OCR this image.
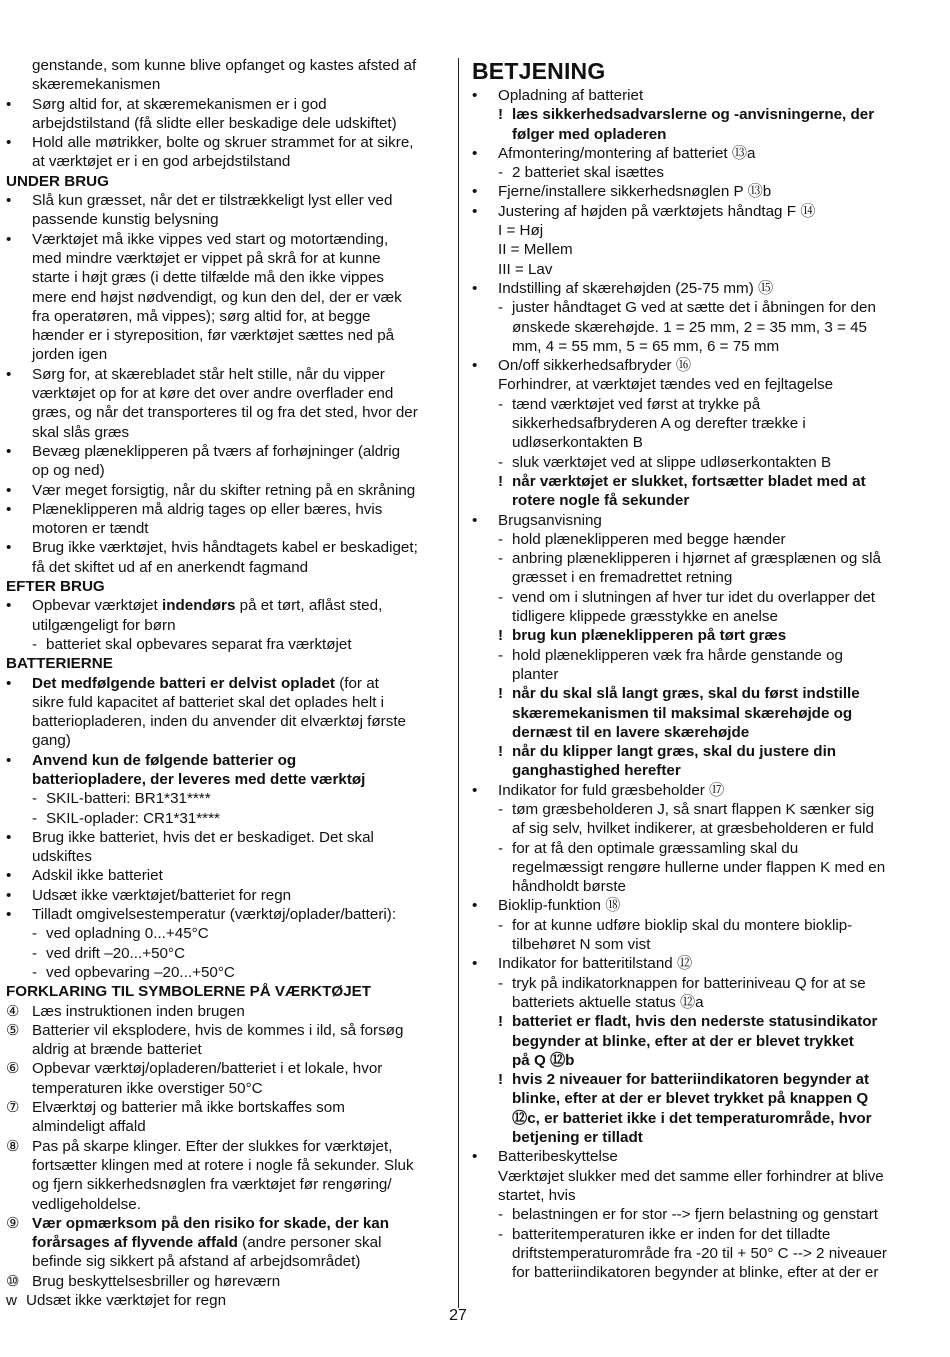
genstande, som kunne blive opfanget og kastes afsted af
skæremekanismen
• Sørg altid for, at skæremekanismen er i god
arbejdstilstand (få slidte eller beskadige dele udskiftet)
• Hold alle møtrikker, bolte og skruer strammet for at sikre,
at værktøjet er i en god arbejdstilstand
UNDER BRUG
• Slå kun græsset, når det er tilstrækkeligt lyst eller ved
passende kunstig belysning
• Værktøjet må ikke vippes ved start og motortænding,
med mindre værktøjet er vippet på skrå for at kunne
starte i højt græs (i dette tilfælde må den ikke vippes
mere end højst nødvendigt, og kun den del, der er væk
fra operatøren, må vippes); sørg altid for, at begge
hænder er i styreposition, før værktøjet sættes ned på
jorden igen
• Sørg for, at skærebladet står helt stille, når du vipper
værktøjet op for at køre det over andre overflader end
græs, og når det transporteres til og fra det sted, hvor der
skal slås græs
• Bevæg plæneklipperen på tværs af forhøjninger (aldrig
op og ned)
• Vær meget forsigtig, når du skifter retning på en skråning
• Plæneklipperen må aldrig tages op eller bæres, hvis
motoren er tændt
• Brug ikke værktøjet, hvis håndtagets kabel er beskadiget;
få det skiftet ud af en anerkendt fagmand
EFTER BRUG
• Opbevar værktøjet indendørs på et tørt, aflåst sted,
utilgængeligt for børn
- batteriet skal opbevares separat fra værktøjet
BATTERIERNE
• Det medfølgende batteri er delvist opladet (for at
sikre fuld kapacitet af batteriet skal det oplades helt i
batteriopladeren, inden du anvender dit elværktøj første
gang)
• Anvend kun de følgende batterier og
batteriopladere, der leveres med dette værktøj
- SKIL-batteri: BR1*31****
- SKIL-oplader: CR1*31****
• Brug ikke batteriet, hvis det er beskadiget. Det skal
udskiftes
• Adskil ikke batteriet
• Udsæt ikke værktøjet/batteriet for regn
• Tilladt omgivelsestemperatur (værktøj/oplader/batteri):
- ved opladning 0...+45°C
- ved drift –20...+50°C
- ved opbevaring –20...+50°C
FORKLARING TIL SYMBOLERNE PÅ VÆRKTØJET
④ Læs instruktionen inden brugen
⑤ Batterier vil eksplodere, hvis de kommes i ild, så forsøg
aldrig at brænde batteriet
⑥ Opbevar værktøj/opladeren/batteriet i et lokale, hvor
temperaturen ikke overstiger 50°C
⑦ Elværktøj og batterier må ikke bortskaffes som
almindeligt affald
⑧ Pas på skarpe klinger. Efter der slukkes for værktøjet,
fortsætter klingen med at rotere i nogle få sekunder. Sluk
og fjern sikkerhedsnøglen fra værktøjet før rengøring/
vedligeholdelse.
⑨ Vær opmærksom på den risiko for skade, der kan
forårsages af flyvende affald (andre personer skal
befinde sig sikkert på afstand af arbejdsområdet)
⑩ Brug beskyttelsesbriller og høreværn
w Udsæt ikke værktøjet for regn
BETJENING
• Opladning af batteriet
! læs sikkerhedsadvarslerne og -anvisningerne, der
følger med opladeren
• Afmontering/montering af batteriet ⑬a
- 2 batteriet skal isættes
• Fjerne/installere sikkerhedsnøglen P ⑬b
• Justering af højden på værktøjets håndtag F ⑭
I = Høj
II = Mellem
III = Lav
• Indstilling af skærehøjden (25-75 mm) ⑮
- juster håndtaget G ved at sætte det i åbningen for den
ønskede skærehøjde. 1 = 25 mm, 2 = 35 mm, 3 = 45
mm, 4 = 55 mm, 5 = 65 mm, 6 = 75 mm
• On/off sikkerhedsafbryder ⑯
Forhindrer, at værktøjet tændes ved en fejltagelse
- tænd værktøjet ved først at trykke på
sikkerhedsafbryderen A og derefter trække i
udløserkontakten B
- sluk værktøjet ved at slippe udløserkontakten B
! når værktøjet er slukket, fortsætter bladet med at
rotere nogle få sekunder
• Brugsanvisning
- hold plæneklipperen med begge hænder
- anbring plæneklipperen i hjørnet af græsplænen og slå
græsset i en fremadrettet retning
- vend om i slutningen af hver tur idet du overlapper det
tidligere klippede græsstykke en anelse
! brug kun plæneklipperen på tørt græs
- hold plæneklipperen væk fra hårde genstande og
planter
! når du skal slå langt græs, skal du først indstille
skæremekanismen til maksimal skærehøjde og
dernæst til en lavere skærehøjde
! når du klipper langt græs, skal du justere din
ganghastighed herefter
• Indikator for fuld græsbeholder ⑰
- tøm græsbeholderen J, så snart flappen K sænker sig
af sig selv, hvilket indikerer, at græsbeholderen er fuld
- for at få den optimale græssamling skal du
regelmæssigt rengøre hullerne under flappen K med en
håndholdt børste
• Bioklip-funktion ⑱
- for at kunne udføre bioklip skal du montere bioklip-
tilbehøret N som vist
• Indikator for batteritilstand ⑫
- tryk på indikatorknappen for batteriniveau Q for at se
batteriets aktuelle status ⑫a
! batteriet er fladt, hvis den nederste statusindikator
begynder at blinke, efter at der er blevet trykket
på Q ⑫b
! hvis 2 niveauer for batteriindikatoren begynder at
blinke, efter at der er blevet trykket på knappen Q
⑫c, er batteriet ikke i det temperaturområde, hvor
betjening er tilladt
• Batteribeskyttelse
Værktøjet slukker med det samme eller forhindrer at blive
startet, hvis
- belastningen er for stor --> fjern belastning og genstart
- batteritemperaturen ikke er inden for det tilladte
driftstemperaturområde fra -20 til + 50° C --> 2 niveauer
for batteriindikatoren begynder at blinke, efter at der er
27
